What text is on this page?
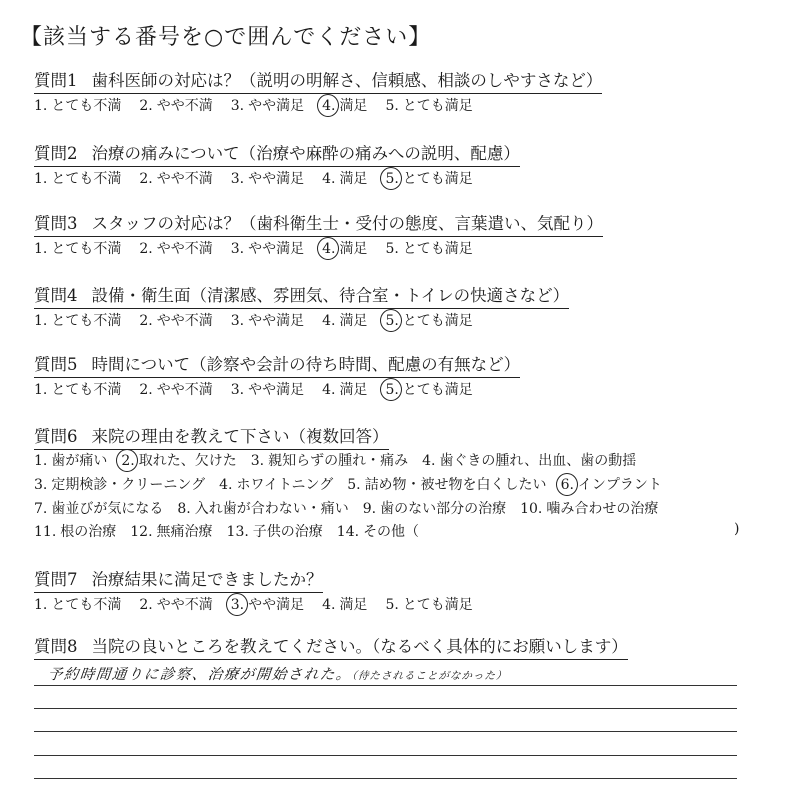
【該当する番号を○で囲んでください】
質問1 歯科医師の対応は？（説明の明解さ、信頼感、相談のしやすさなど）
1. とても不満 2. やや不満 3. やや満足 4. 満足 5. とても満足
質問2 治療の痛みについて（治療や麻酔の痛みへの説明、配慮）
1. とても不満 2. やや不満 3. やや満足 4. 満足 5. とても満足
質問3 スタッフの対応は？（歯科衛生士・受付の態度、言葉遣い、気配り）
1. とても不満 2. やや不満 3. やや満足 4. 満足 5. とても満足
質問4 設備・衛生面（清潔感、雰囲気、待合室・トイレの快適さなど）
1. とても不満 2. やや不満 3. やや満足 4. 満足 5. とても満足
質問5 時間について（診察や会計の待ち時間、配慮の有無など）
1. とても不満 2. やや不満 3. やや満足 4. 満足 5. とても満足
質問6 来院の理由を教えて下さい（複数回答）
1. 歯が痛い 2. 取れた、欠けた 3. 親知らずの腫れ・痛み 4. 歯ぐきの腫れ、出血、歯の動揺
3. 定期検診・クリーニング 4. ホワイトニング 5. 詰め物・被せ物を白くしたい 6. インプラント
7. 歯並びが気になる 8. 入れ歯が合わない・痛い 9. 歯のない部分の治療 10. 噛み合わせの治療
11. 根の治療 12. 無痛治療 13. 子供の治療 14. その他（	)
質問7 治療結果に満足できましたか？
1. とても不満 2. やや不満 3. やや満足 4. 満足 5. とても満足
質問8 当院の良いところを教えてください。（なるべく具体的にお願いします）
予約時間通りに診察、治療が開始された。（待たされることがなかった）
